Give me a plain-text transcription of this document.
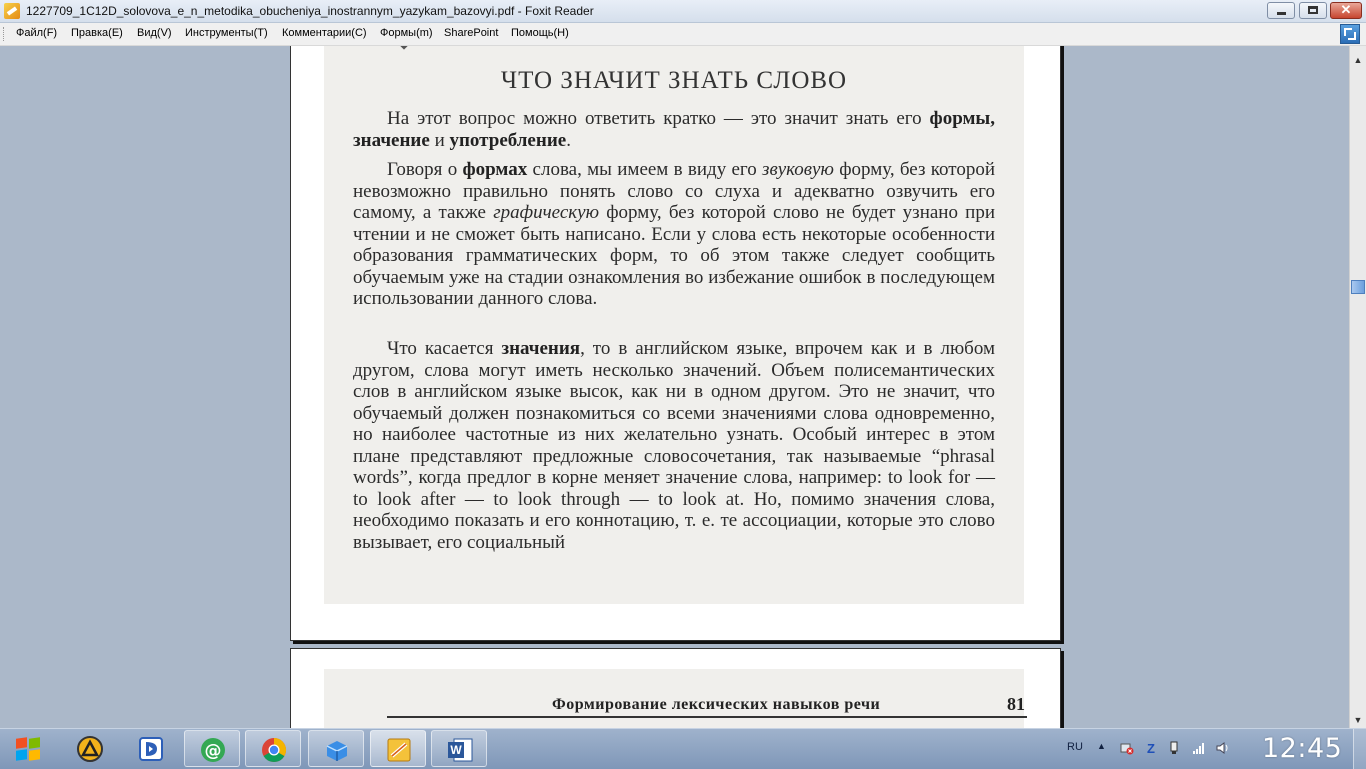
1227709_1C12D_solovova_e_n_metodika_obucheniya_inostrannym_yazykam_bazovyi.pdf - Foxit Reader	✕
Файл(F) Правка(E) Вид(V) Инструменты(T) Комментарии(C) Формы(m) SharePoint Помощь(H)
ЧТО ЗНАЧИТ ЗНАТЬ СЛОВО

На этот вопрос можно ответить кратко — это значит знать его формы, значение и употребление.

Говоря о формах слова, мы имеем в виду его звуковую форму, без которой невозможно правильно понять слово со слуха и адекватно озвучить его самому, а также графическую форму, без которой слово не будет узнано при чтении и не сможет быть написано. Если у слова есть некоторые особенности образования грамматических форм, то об этом также следует сообщить обучаемым уже на стадии ознакомления во избежание ошибок в последующем использовании данного слова.

Что касается значения, то в английском языке, впрочем как и в любом другом, слова могут иметь несколько значений. Объем полисемантических слов в английском языке высок, как ни в одном другом. Это не значит, что обучаемый должен познакомиться со всеми значениями слова одновременно, но наиболее частотные из них желательно узнать. Особый интерес в этом плане представляют предложные словосочетания, так называемые “phrasal words”, когда предлог в корне меняет значение слова, например: to look for — to look after — to look through — to look at. Но, помимо значения слова, необходимо показать и его коннотацию, т. е. те ассоциации, которые это слово вызывает, его социальный

Формирование лексических навыков речи	81
▲
▼
@	W	RU ▲	Z	12:45
